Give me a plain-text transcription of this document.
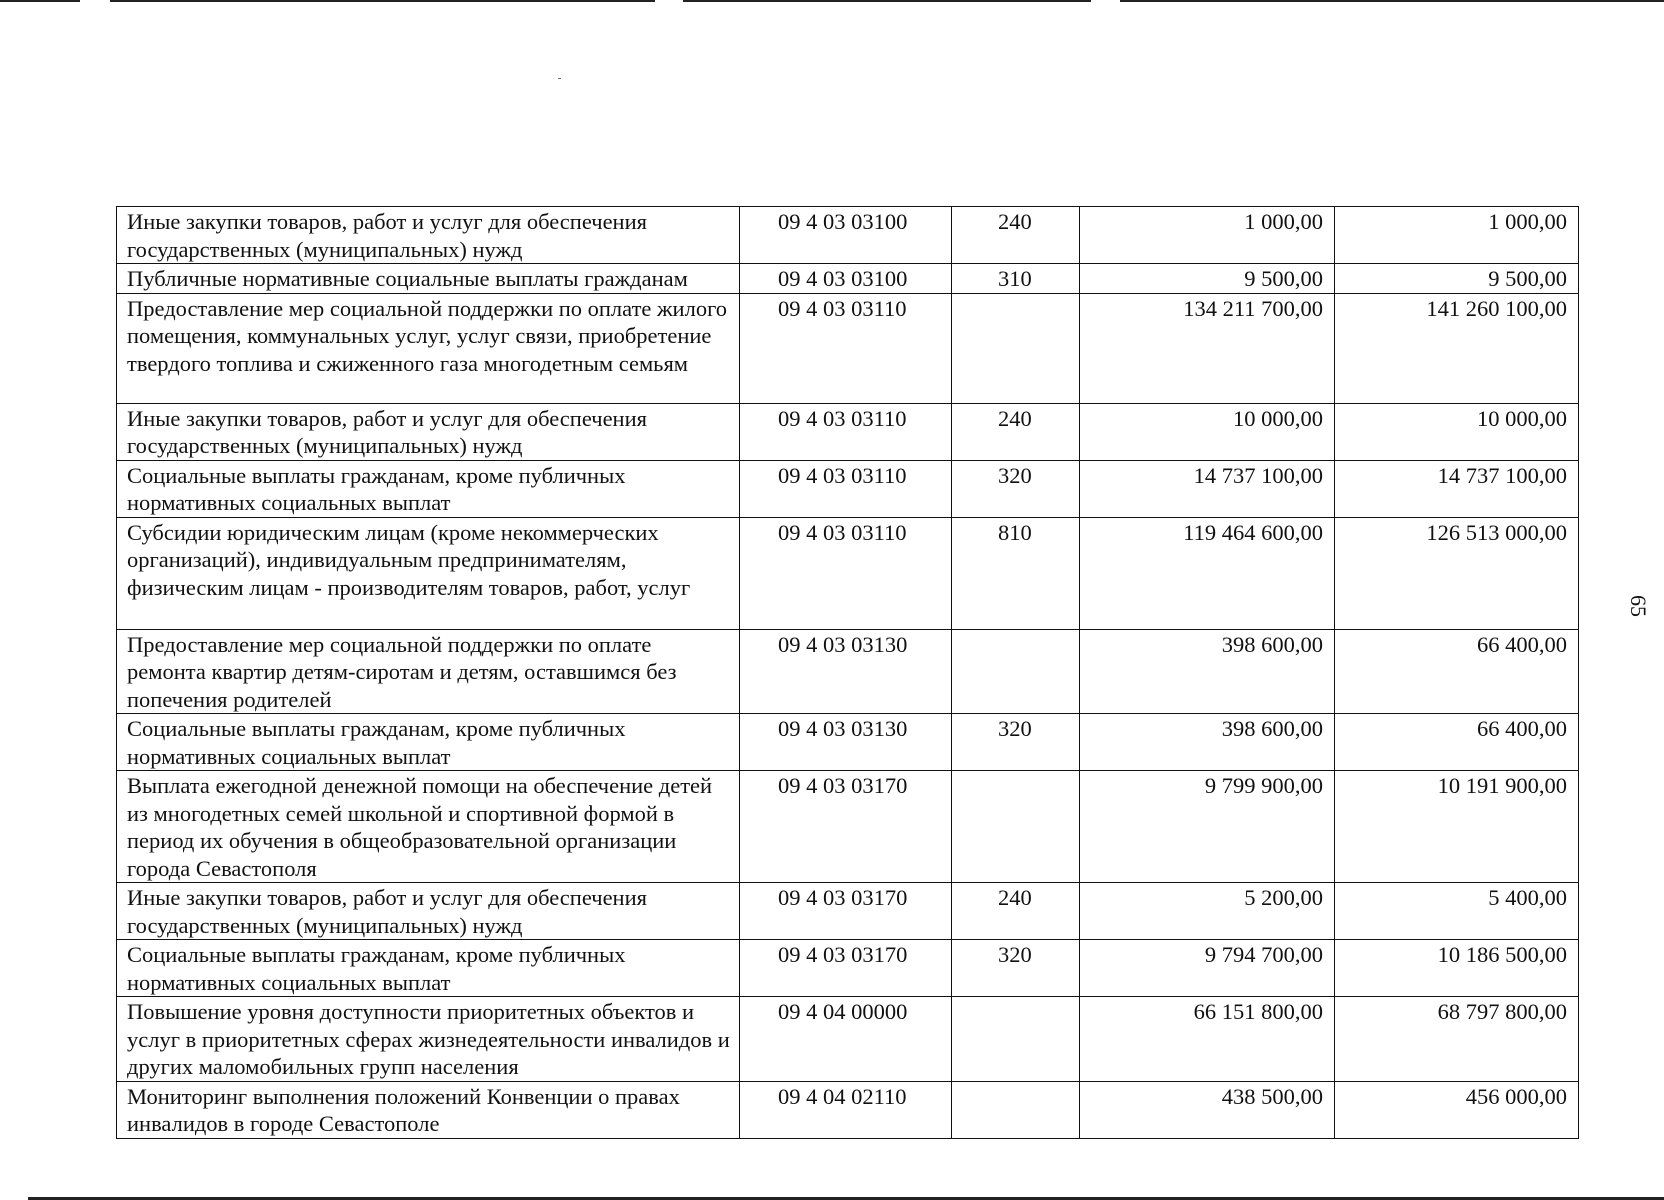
Иные закупки товаров, работ и услуг для обеспечения государственных (муниципальных) нужд	09 4 03 03100	240	1 000,00	1 000,00
Публичные нормативные социальные выплаты гражданам	09 4 03 03100	310	9 500,00	9 500,00
Предоставление мер социальной поддержки по оплате жилого помещения, коммунальных услуг, услуг связи, приобретение твердого топлива и сжиженного газа многодетным семьям	09 4 03 03110		134 211 700,00	141 260 100,00
Иные закупки товаров, работ и услуг для обеспечения государственных (муниципальных) нужд	09 4 03 03110	240	10 000,00	10 000,00
Социальные выплаты гражданам, кроме публичных нормативных социальных выплат	09 4 03 03110	320	14 737 100,00	14 737 100,00
Субсидии юридическим лицам (кроме некоммерческих организаций), индивидуальным предпринимателям, физическим лицам - производителям товаров, работ, услуг	09 4 03 03110	810	119 464 600,00	126 513 000,00
Предоставление мер социальной поддержки по оплате ремонта квартир детям-сиротам и детям, оставшимся без попечения родителей	09 4 03 03130		398 600,00	66 400,00
Социальные выплаты гражданам, кроме публичных нормативных социальных выплат	09 4 03 03130	320	398 600,00	66 400,00
Выплата ежегодной денежной помощи на обеспечение детей из многодетных семей школьной и спортивной формой в период их обучения в общеобразовательной организации города Севастополя	09 4 03 03170		9 799 900,00	10 191 900,00
Иные закупки товаров, работ и услуг для обеспечения государственных (муниципальных) нужд	09 4 03 03170	240	5 200,00	5 400,00
Социальные выплаты гражданам, кроме публичных нормативных социальных выплат	09 4 03 03170	320	9 794 700,00	10 186 500,00
Повышение уровня доступности приоритетных объектов и услуг в приоритетных сферах жизнедеятельности инвалидов и других маломобильных групп населения	09 4 04 00000		66 151 800,00	68 797 800,00
Мониторинг выполнения положений Конвенции о правах инвалидов в городе Севастополе	09 4 04 02110		438 500,00	456 000,00
65
